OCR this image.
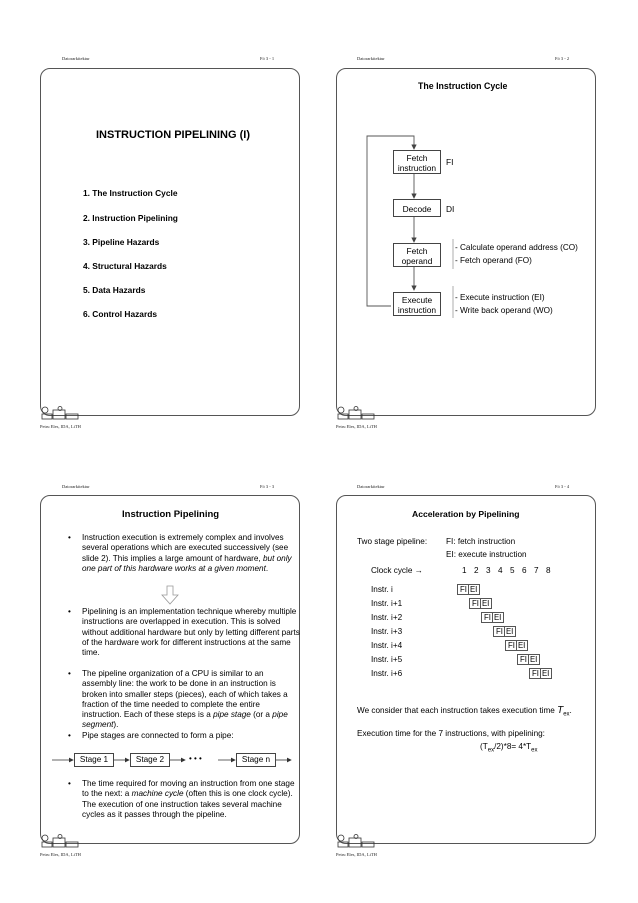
Datorarkitektur	Fö 3 - 1
INSTRUCTION PIPELINING (I)
1. The Instruction Cycle
2. Instruction Pipelining
3. Pipeline Hazards
4. Structural Hazards
5. Data Hazards
6. Control Hazards
Petru Eles, IDA, LiTH
Datorarkitektur	Fö 3 - 2
The Instruction Cycle
Fetch
instruction
FI
Decode	DI
Fetch
operand
- Calculate operand address (CO)
- Fetch operand (FO)
Execute
instruction
- Execute instruction (EI)
- Write back operand (WO)
Petru Eles, IDA, LiTH
Datorarkitektur	Fö 3 - 3
Instruction Pipelining
• Instruction execution is extremely complex and involves several operations which are executed successively (see slide 2). This implies a large amount of hardware, but only one part of this hardware works at a given moment.
• Pipelining is an implementation technique whereby multiple instructions are overlapped in execution. This is solved without additional hardware but only by letting different parts of the hardware work for different instructions at the same time.
• The pipeline organization of a CPU is similar to an assembly line: the work to be done in an instruction is broken into smaller steps (pieces), each of which takes a fraction of the time needed to complete the entire instruction. Each of these steps is a pipe stage (or a pipe segment).
• Pipe stages are connected to form a pipe:
Stage 1	Stage 2	• • •	Stage n
• The time required for moving an instruction from one stage to the next: a machine cycle (often this is one clock cycle). The execution of one instruction takes several machine cycles as it passes through the pipeline.
Petru Eles, IDA, LiTH
Datorarkitektur	Fö 3 - 4
Acceleration by Pipelining
Two stage pipeline: FI: fetch instruction
EI: execute instruction
Clock cycle →	1 2 3 4 5 6 7 8
Instr. i	FI EI
Instr. i+1	FI EI
Instr. i+2	FI EI
Instr. i+3	FI EI
Instr. i+4	FI EI
Instr. i+5	FI EI
Instr. i+6	FI EI
We consider that each instruction takes execution time $T_{ex}$.
Execution time for the 7 instructions, with pipelining:
$(T_{ex}/2)*8= 4*T_{ex}$
Petru Eles, IDA, LiTH
